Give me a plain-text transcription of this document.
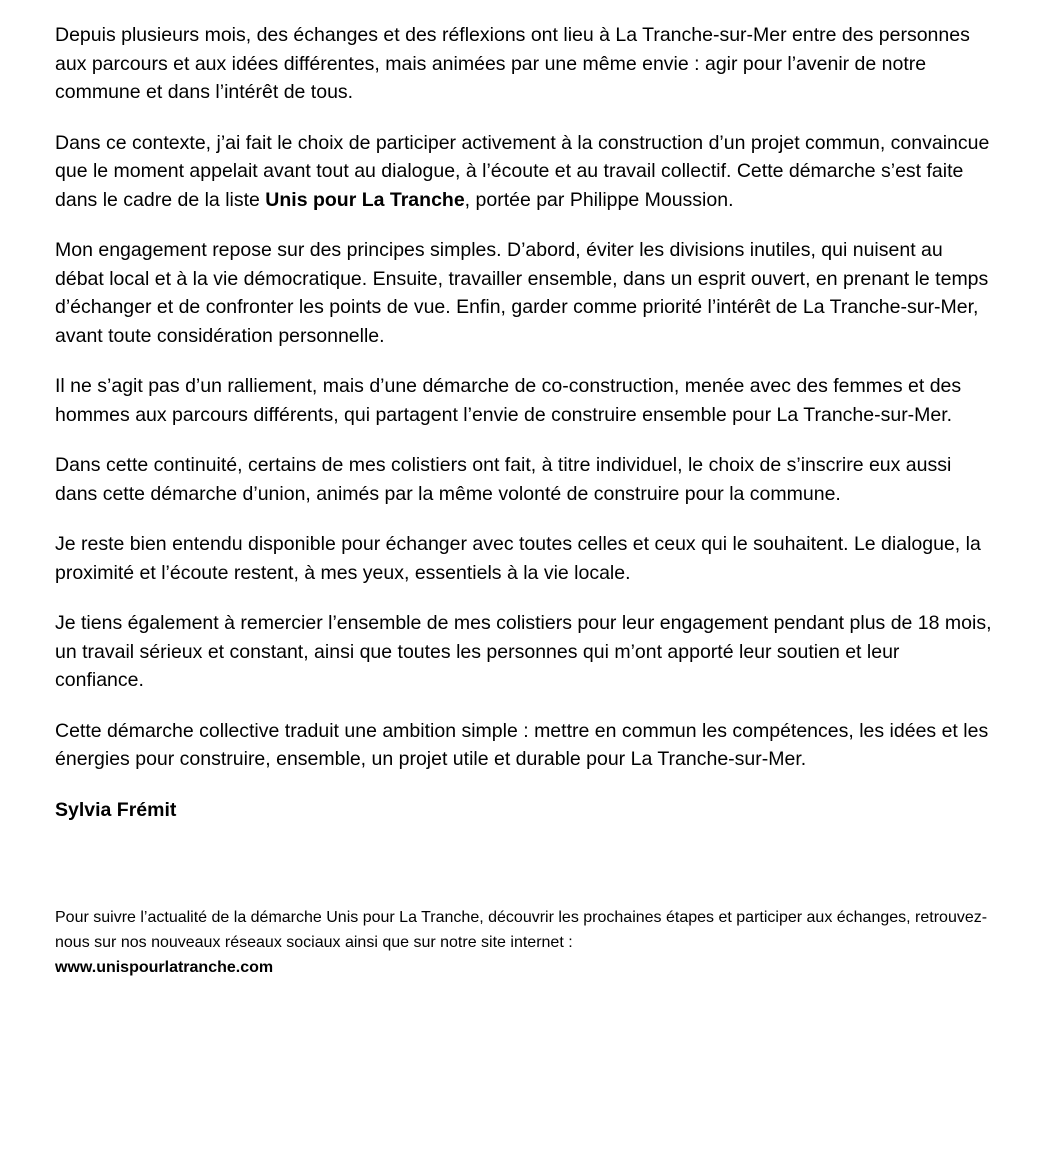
Depuis plusieurs mois, des échanges et des réflexions ont lieu à La Tranche-sur-Mer entre des personnes aux parcours et aux idées différentes, mais animées par une même envie : agir pour l’avenir de notre commune et dans l’intérêt de tous.

Dans ce contexte, j’ai fait le choix de participer activement à la construction d’un projet commun, convaincue que le moment appelait avant tout au dialogue, à l’écoute et au travail collectif. Cette démarche s’est faite dans le cadre de la liste Unis pour La Tranche, portée par Philippe Moussion.

Mon engagement repose sur des principes simples. D’abord, éviter les divisions inutiles, qui nuisent au débat local et à la vie démocratique. Ensuite, travailler ensemble, dans un esprit ouvert, en prenant le temps d’échanger et de confronter les points de vue. Enfin, garder comme priorité l’intérêt de La Tranche-sur-Mer, avant toute considération personnelle.

Il ne s’agit pas d’un ralliement, mais d’une démarche de co-construction, menée avec des femmes et des hommes aux parcours différents, qui partagent l’envie de construire ensemble pour La Tranche-sur-Mer.

Dans cette continuité, certains de mes colistiers ont fait, à titre individuel, le choix de s’inscrire eux aussi dans cette démarche d’union, animés par la même volonté de construire pour la commune.

Je reste bien entendu disponible pour échanger avec toutes celles et ceux qui le souhaitent. Le dialogue, la proximité et l’écoute restent, à mes yeux, essentiels à la vie locale.

Je tiens également à remercier l’ensemble de mes colistiers pour leur engagement pendant plus de 18 mois, un travail sérieux et constant, ainsi que toutes les personnes qui m’ont apporté leur soutien et leur confiance.

Cette démarche collective traduit une ambition simple : mettre en commun les compétences, les idées et les énergies pour construire, ensemble, un projet utile et durable pour La Tranche-sur-Mer.

Sylvia Frémit

Pour suivre l’actualité de la démarche Unis pour La Tranche, découvrir les prochaines étapes et participer aux échanges, retrouvez-nous sur nos nouveaux réseaux sociaux ainsi que sur notre site internet :

www.unispourlatranche.com
